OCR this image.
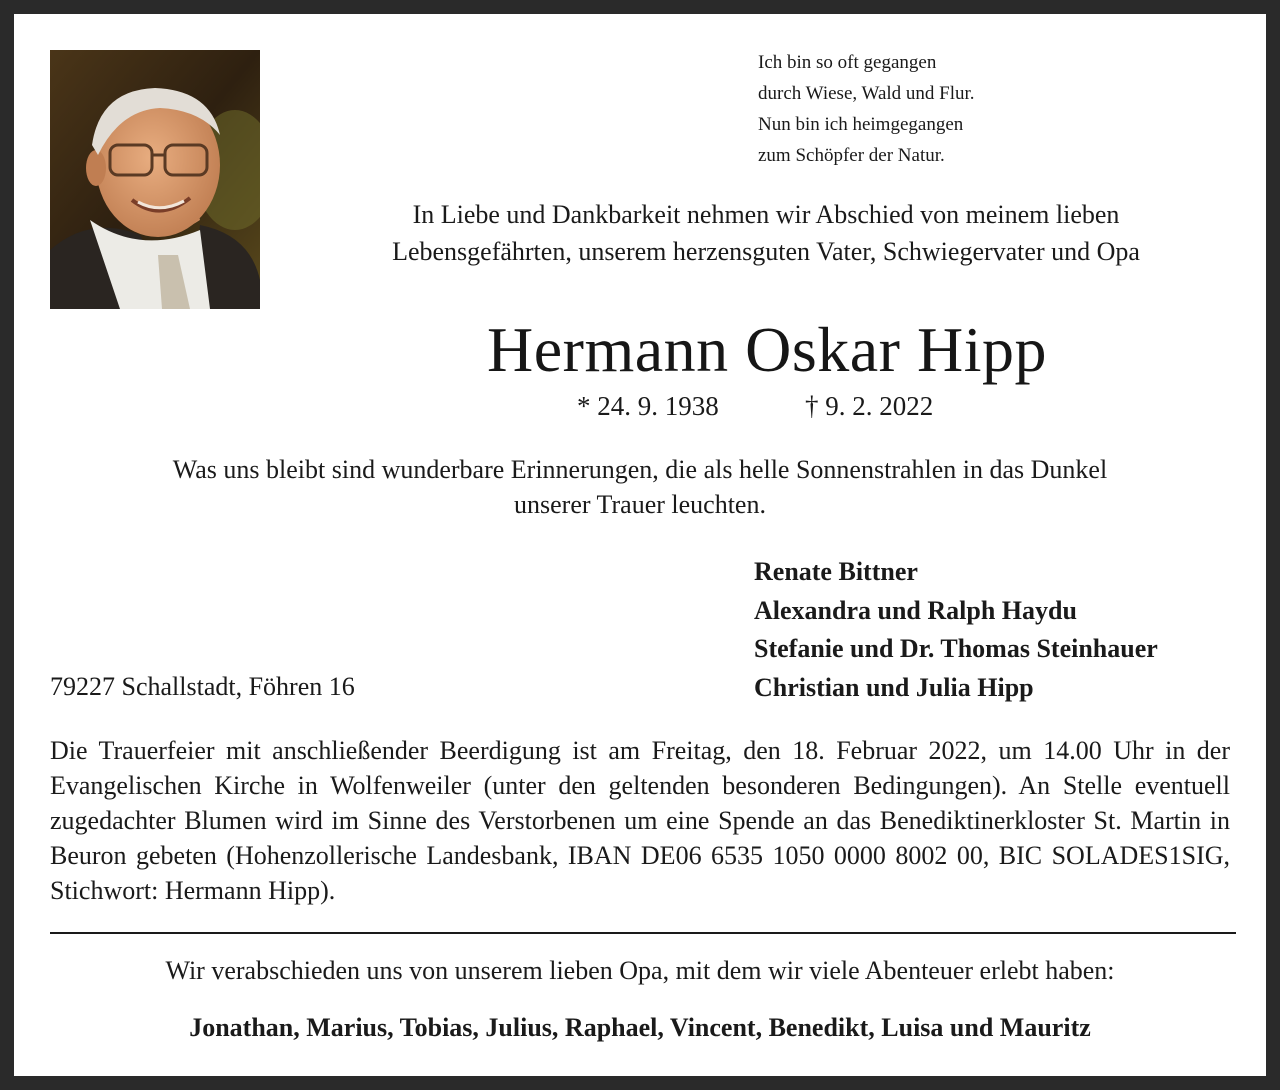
Ich bin so oft gegangen
durch Wiese, Wald und Flur.
Nun bin ich heimgegangen
zum Schöpfer der Natur.
In Liebe und Dankbarkeit nehmen wir Abschied von meinem lieben
Lebensgefährten, unserem herzensguten Vater, Schwiegervater und Opa
Hermann Oskar Hipp
* 24. 9. 1938	† 9. 2. 2022
Was uns bleibt sind wunderbare Erinnerungen, die als helle Sonnenstrahlen in das Dunkel
unserer Trauer leuchten.
Renate Bittner
Alexandra und Ralph Haydu
Stefanie und Dr. Thomas Steinhauer
Christian und Julia Hipp
79227 Schallstadt, Föhren 16
Die Trauerfeier mit anschließender Beerdigung ist am Freitag, den 18. Februar 2022, um 14.00 Uhr in der Evangelischen Kirche in Wolfenweiler (unter den geltenden besonderen Bedingungen). An Stelle eventuell zugedachter Blumen wird im Sinne des Verstorbenen um eine Spende an das Benediktinerkloster St. Martin in Beuron gebeten (Hohenzollerische Landesbank, IBAN DE06 6535 1050 0000 8002 00, BIC SOLADES1SIG, Stichwort: Hermann Hipp).
Wir verabschieden uns von unserem lieben Opa, mit dem wir viele Abenteuer erlebt haben:
Jonathan, Marius, Tobias, Julius, Raphael, Vincent, Benedikt, Luisa und Mauritz
